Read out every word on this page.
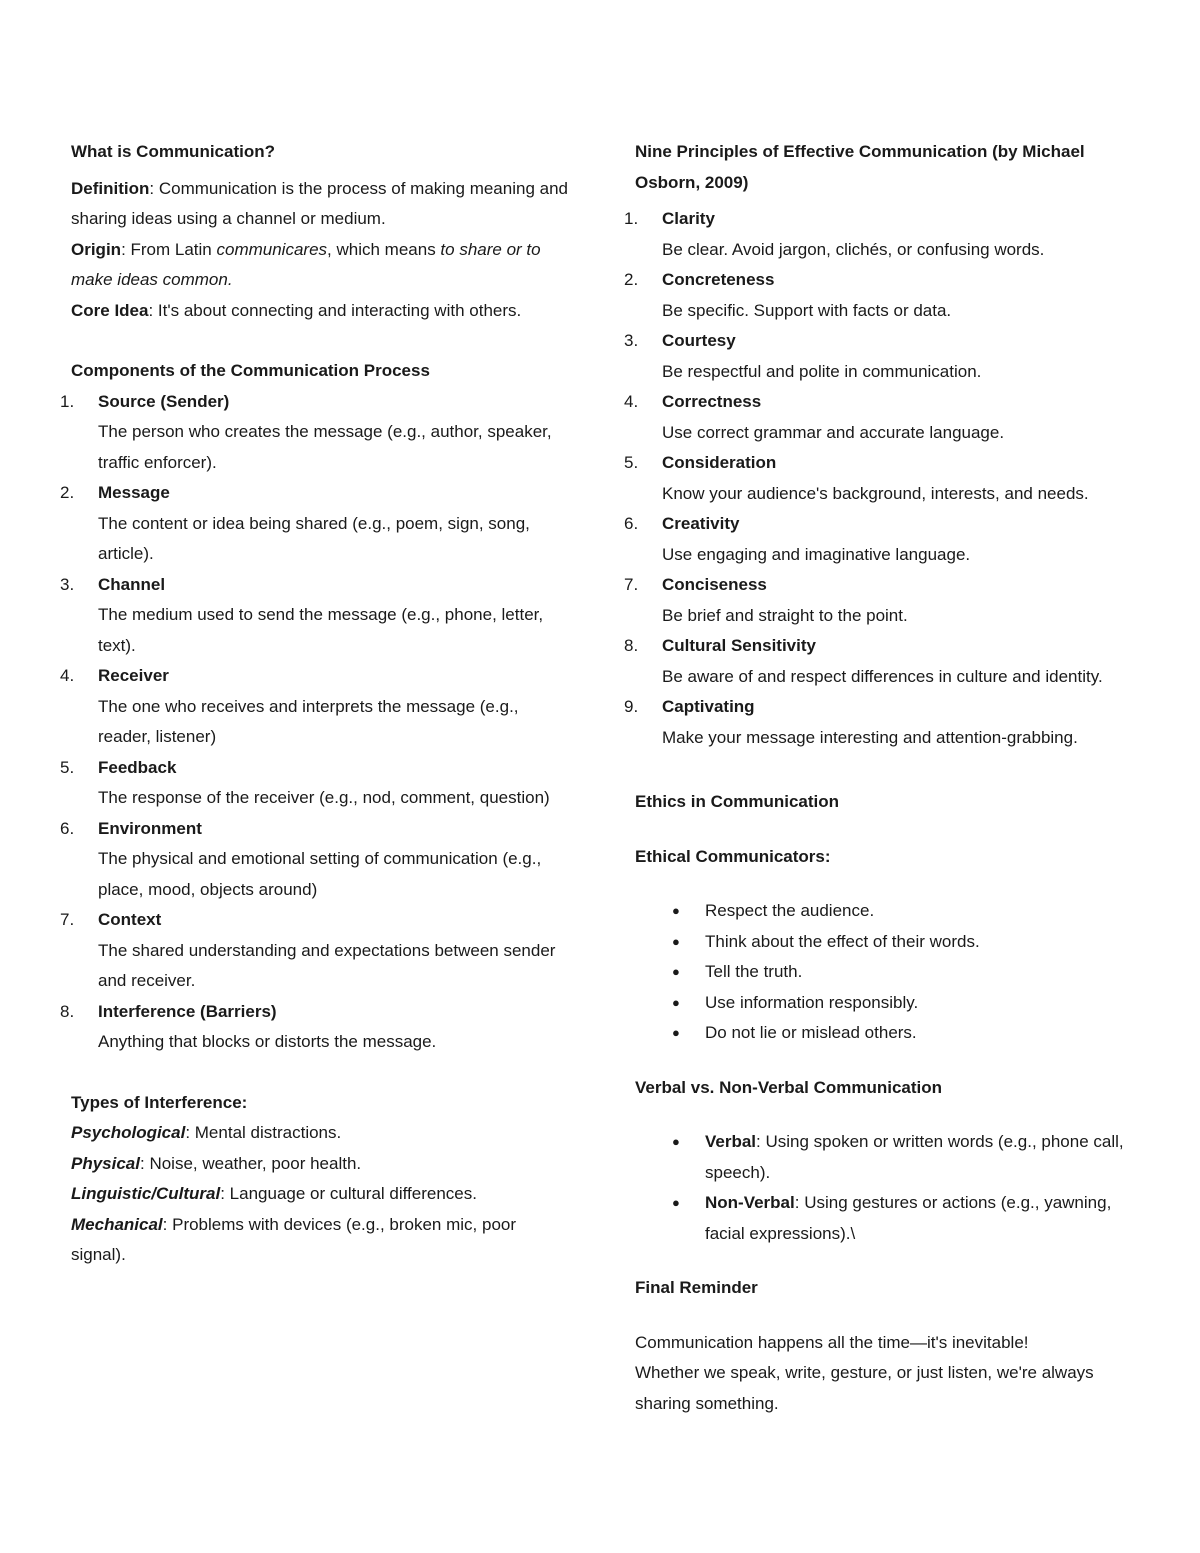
What is Communication?

Definition: Communication is the process of making meaning and sharing ideas using a channel or medium.

Origin: From Latin communicares, which means to share or to make ideas common.

Core Idea: It's about connecting and interacting with others.

Components of the Communication Process
1.	Source (Sender)
The person who creates the message (e.g., author, speaker, traffic enforcer).
2.	Message
The content or idea being shared (e.g., poem, sign, song, article).
3.	Channel
The medium used to send the message (e.g., phone, letter, text).
4.	Receiver
The one who receives and interprets the message (e.g., reader, listener)
5.	Feedback
The response of the receiver (e.g., nod, comment, question)
6.	Environment
The physical and emotional setting of communication (e.g., place, mood, objects around)
7.	Context
The shared understanding and expectations between sender and receiver.
8.	Interference (Barriers)
Anything that blocks or distorts the message.
Types of Interference:

Psychological: Mental distractions.

Physical: Noise, weather, poor health.

Linguistic/Cultural: Language or cultural differences.

Mechanical: Problems with devices (e.g., broken mic, poor signal).

Nine Principles of Effective Communication (by Michael Osborn, 2009)
1.	Clarity
Be clear. Avoid jargon, clichés, or confusing words.
2.	Concreteness
Be specific. Support with facts or data.
3.	Courtesy
Be respectful and polite in communication.
4.	Correctness
Use correct grammar and accurate language.
5.	Consideration
Know your audience's background, interests, and needs.
6.	Creativity
Use engaging and imaginative language.
7.	Conciseness
Be brief and straight to the point.
8.	Cultural Sensitivity
Be aware of and respect differences in culture and identity.
9.	Captivating
Make your message interesting and attention-grabbing.
Ethics in Communication
Ethical Communicators:
● Respect the audience.
● Think about the effect of their words.
● Tell the truth.
● Use information responsibly.
● Do not lie or mislead others.
Verbal vs. Non-Verbal Communication
● Verbal: Using spoken or written words (e.g., phone call, speech).
● Non-Verbal: Using gestures or actions (e.g., yawning, facial expressions).\
Final Reminder

Communication happens all the time—it's inevitable!

Whether we speak, write, gesture, or just listen, we're always sharing something.
